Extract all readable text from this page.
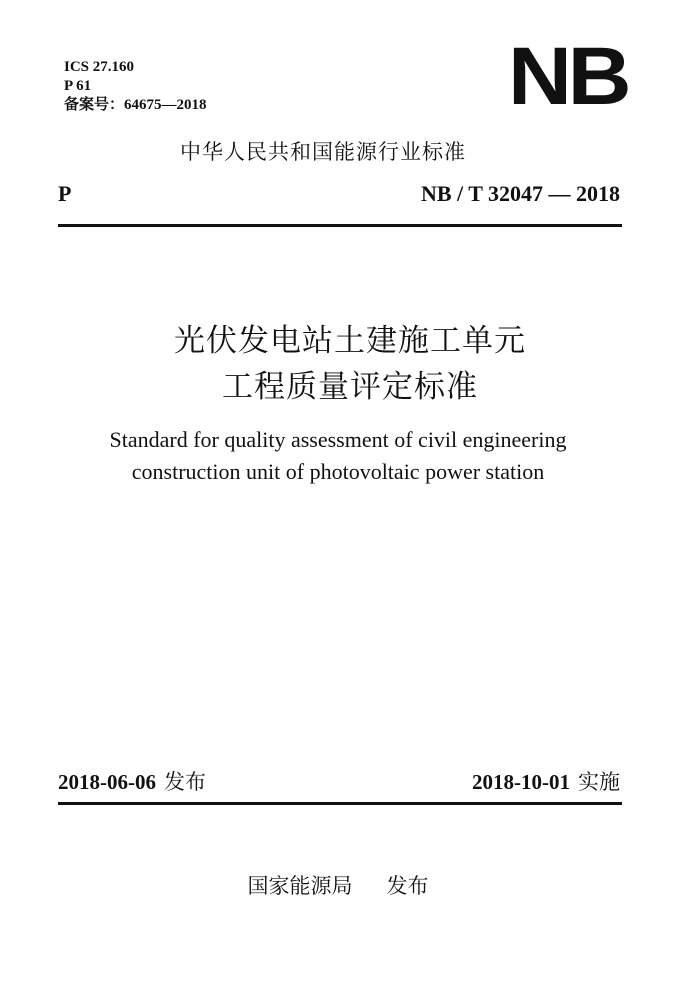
ICS 27.160
P 61
备案号：64675—2018	NB
中华人民共和国能源行业标准
P	NB / T 32047 — 2018
光伏发电站土建施工单元
工程质量评定标准
Standard for quality assessment of civil engineering
construction unit of photovoltaic power station
2018-06-06 发布	2018-10-01 实施
国家能源局 发布
